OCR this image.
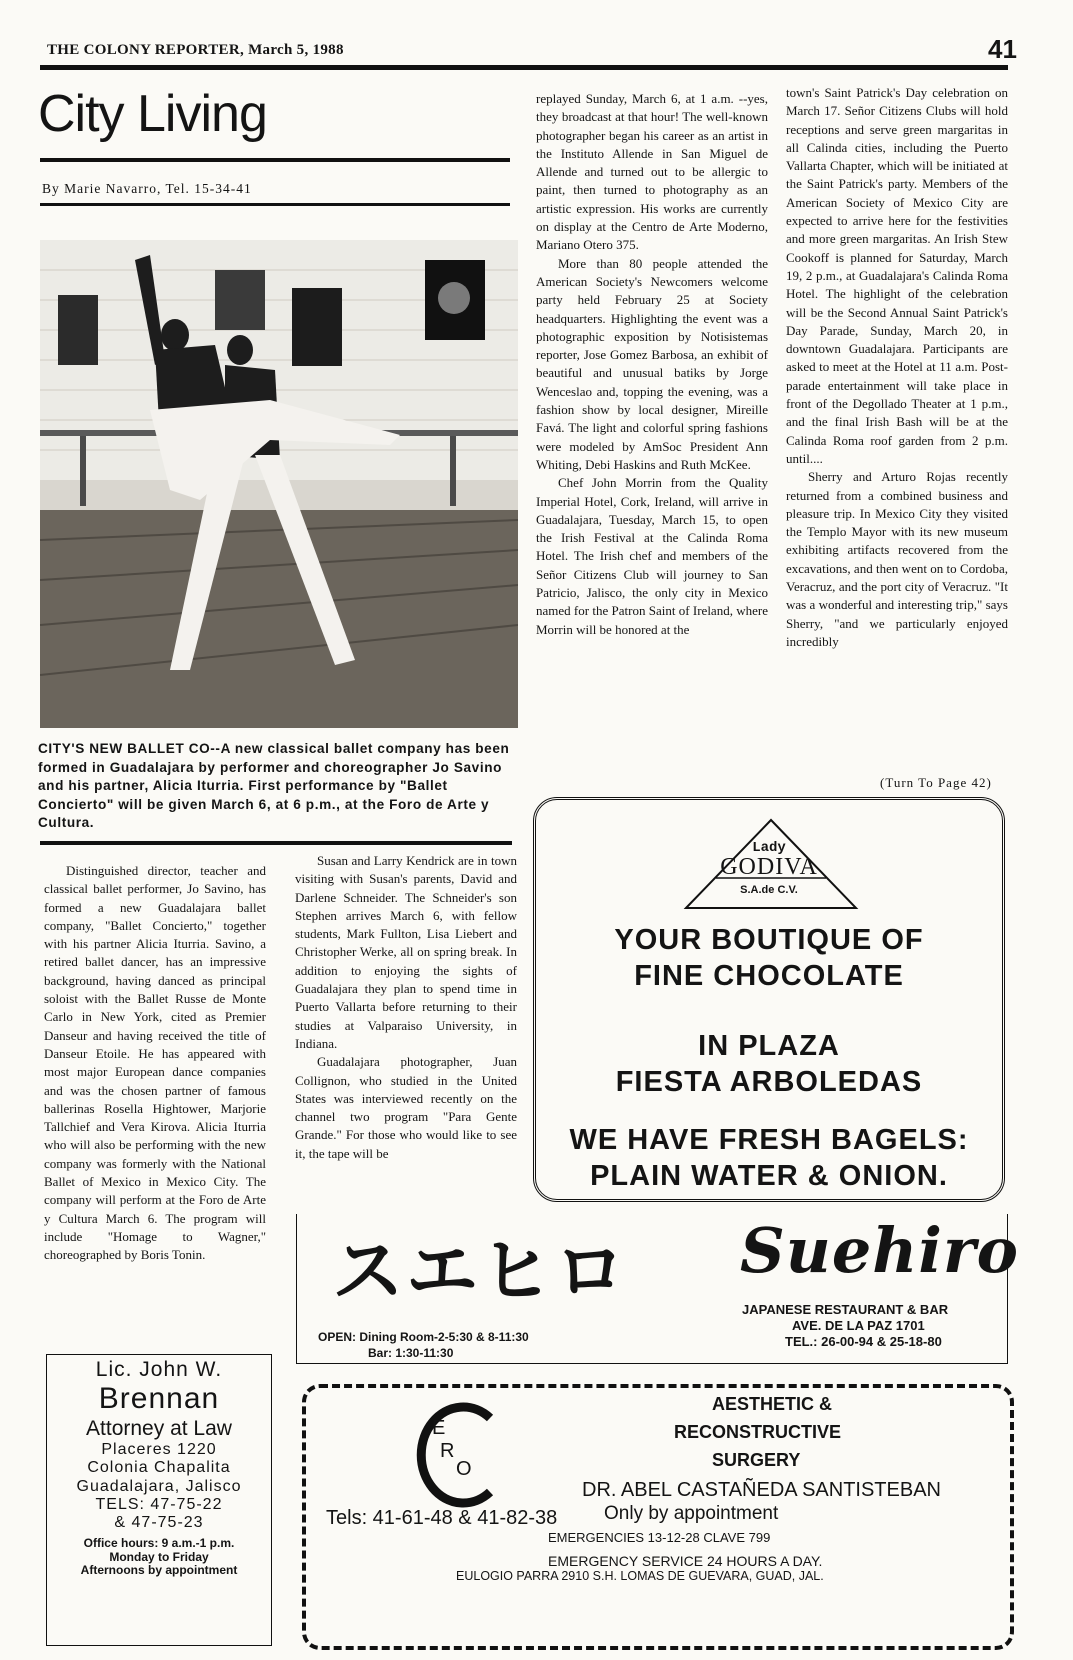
THE COLONY REPORTER, March 5, 1988	41
City Living
By Marie Navarro, Tel. 15-34-41
CITY'S NEW BALLET CO--A new classical ballet company has been formed in Guadalajara by performer and choreographer Jo Savino and his partner, Alicia Iturria. First performance by "Ballet Concierto" will be given March 6, at 6 p.m., at the Foro de Arte y Cultura.

Distinguished director, teacher and classical ballet performer, Jo Savino, has formed a new Guadalajara ballet company, "Ballet Concierto," together with his partner Alicia Iturria. Savino, a retired ballet dancer, has an impressive background, having danced as principal soloist with the Ballet Russe de Monte Carlo in New York, cited as Premier Danseur and having received the title of Danseur Etoile. He has appeared with most major European dance companies and was the chosen partner of famous ballerinas Rosella Hightower, Marjorie Tallchief and Vera Kirova. Alicia Iturria who will also be performing with the new company was formerly with the National Ballet of Mexico in Mexico City. The company will perform at the Foro de Arte y Cultura March 6. The program will include "Homage to Wagner," choreographed by Boris Tonin.

Susan and Larry Kendrick are in town visiting with Susan's parents, David and Darlene Schneider. The Schneider's son Stephen arrives March 6, with fellow students, Mark Fullton, Lisa Liebert and Christopher Werke, all on spring break. In addition to enjoying the sights of Guadalajara they plan to spend time in Puerto Vallarta before returning to their studies at Valparaiso University, in Indiana.

Guadalajara photographer, Juan Collignon, who studied in the United States was interviewed recently on the channel two program "Para Gente Grande." For those who would like to see it, the tape will be

replayed Sunday, March 6, at 1 a.m. --yes, they broadcast at that hour! The well-known photographer began his career as an artist in the Instituto Allende in San Miguel de Allende and turned out to be allergic to paint, then turned to photography as an artistic expression. His works are currently on display at the Centro de Arte Moderno, Mariano Otero 375.

More than 80 people attended the American Society's Newcomers welcome party held February 25 at Society headquarters. Highlighting the event was a photographic exposition by Notisistemas reporter, Jose Gomez Barbosa, an exhibit of beautiful and unusual batiks by Jorge Wenceslao and, topping the evening, was a fashion show by local designer, Mireille Favá. The light and colorful spring fashions were modeled by AmSoc President Ann Whiting, Debi Haskins and Ruth McKee.

Chef John Morrin from the Quality Imperial Hotel, Cork, Ireland, will arrive in Guadalajara, Tuesday, March 15, to open the Irish Festival at the Calinda Roma Hotel. The Irish chef and members of the Señor Citizens Club will journey to San Patricio, Jalisco, the only city in Mexico named for the Patron Saint of Ireland, where Morrin will be honored at the

town's Saint Patrick's Day celebration on March 17. Señor Citizens Clubs will hold receptions and serve green margaritas in all Calinda cities, including the Puerto Vallarta Chapter, which will be initiated at the Saint Patrick's party. Members of the American Society of Mexico City are expected to arrive here for the festivities and more green margaritas. An Irish Stew Cookoff is planned for Saturday, March 19, 2 p.m., at Guadalajara's Calinda Roma Hotel. The highlight of the celebration will be the Second Annual Saint Patrick's Day Parade, Sunday, March 20, in downtown Guadalajara. Participants are asked to meet at the Hotel at 11 a.m. Post-parade entertainment will take place in front of the Degollado Theater at 1 p.m., and the final Irish Bash will be at the Calinda Roma roof garden from 2 p.m. until....

Sherry and Arturo Rojas recently returned from a combined business and pleasure trip. In Mexico City they visited the Templo Mayor with its new museum exhibiting artifacts recovered from the excavations, and then went on to Cordoba, Veracruz, and the port city of Veracruz. "It was a wonderful and interesting trip," says Sherry, "and we particularly enjoyed incredibly

(Turn To Page 42)
Lady
GODIVA
S.A.de C.V.
YOUR BOUTIQUE OF
FINE CHOCOLATE
IN PLAZA
FIESTA ARBOLEDAS
WE HAVE FRESH BAGELS:
PLAIN WATER & ONION.
Lic. John W.
Brennan
Attorney at Law
Placeres 1220
Colonia Chapalita
Guadalajara, Jalisco
TELS: 47-75-22
& 47-75-23
Office hours: 9 a.m.-1 p.m.
Monday to Friday
Afternoons by appointment
スエヒロ
OPEN: Dining Room-2-5:30 & 8-11:30
Bar: 1:30-11:30
Suehiro
JAPANESE RESTAURANT & BAR
AVE. DE LA PAZ 1701
TEL.: 26-00-94 & 25-18-80
E
R
O
AESTHETIC &
RECONSTRUCTIVE
SURGERY
DR. ABEL CASTAÑEDA SANTISTEBAN
Tels: 41-61-48 & 41-82-38 Only by appointment
EMERGENCIES 13-12-28 CLAVE 799
EMERGENCY SERVICE 24 HOURS A DAY.
EULOGIO PARRA 2910 S.H. LOMAS DE GUEVARA, GUAD, JAL.
